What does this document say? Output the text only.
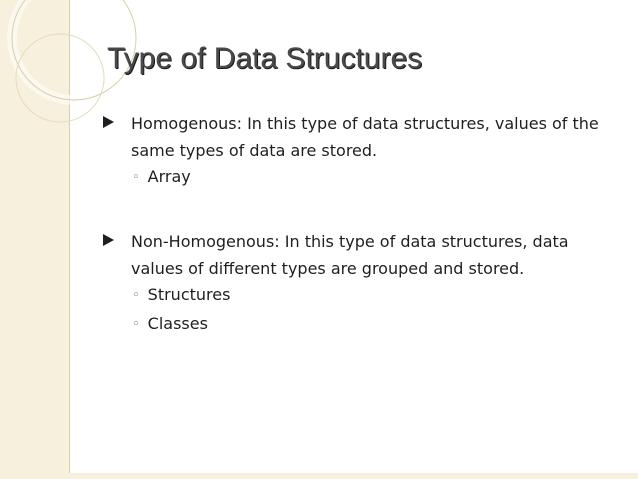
Type of Data Structures

Homogenous: In this type of data structures, values of the same types of data are stored.

◦ Array

Non-Homogenous: In this type of data structures, data values of different types are grouped and stored.

◦ Structures
◦ Classes
